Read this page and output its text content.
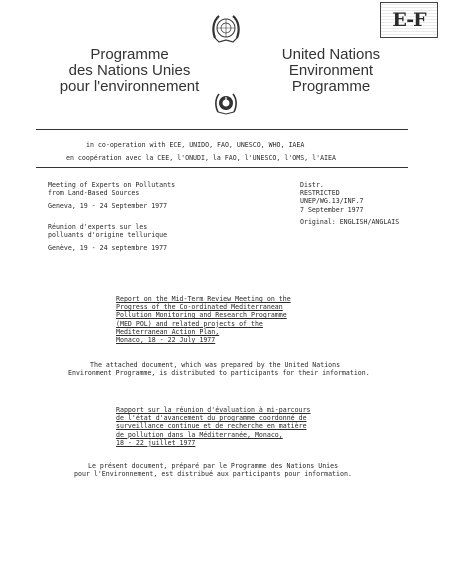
E-F
Programme
des Nations Unies
pour l'environnement
United Nations
Environment
Programme
in co-operation with ECE, UNIDO, FAO, UNESCO, WHO, IAEA
en coopération avec la CEE, l'ONUDI, la FAO, l'UNESCO, l'OMS, l'AIEA
Meeting of Experts on Pollutants
from Land-Based Sources
Geneva, 19 - 24 September 1977
Réunion d'experts sur les
polluants d'origine tellurique
Genève, 19 - 24 septembre 1977
Distr.
RESTRICTED
UNEP/WG.13/INF.7
7 September 1977
Original: ENGLISH/ANGLAIS
Report on the Mid-Term Review Meeting on the
Progress of the Co-ordinated Mediterranean
Pollution Monitoring and Research Programme
(MED POL) and related projects of the
Mediterranean Action Plan,
Monaco, 18 - 22 July 1977
The attached document, which was prepared by the United Nations
Environment Programme, is distributed to participants for their information.
Rapport sur la réunion d'évaluation à mi-parcours
de l'état d'avancement du programme coordonné de
surveillance continue et de recherche en matière
de pollution dans la Méditerranée, Monaco,
18 - 22 juillet 1977
Le présent document, préparé par le Programme des Nations Unies
pour l'Environnement, est distribué aux participants pour information.
